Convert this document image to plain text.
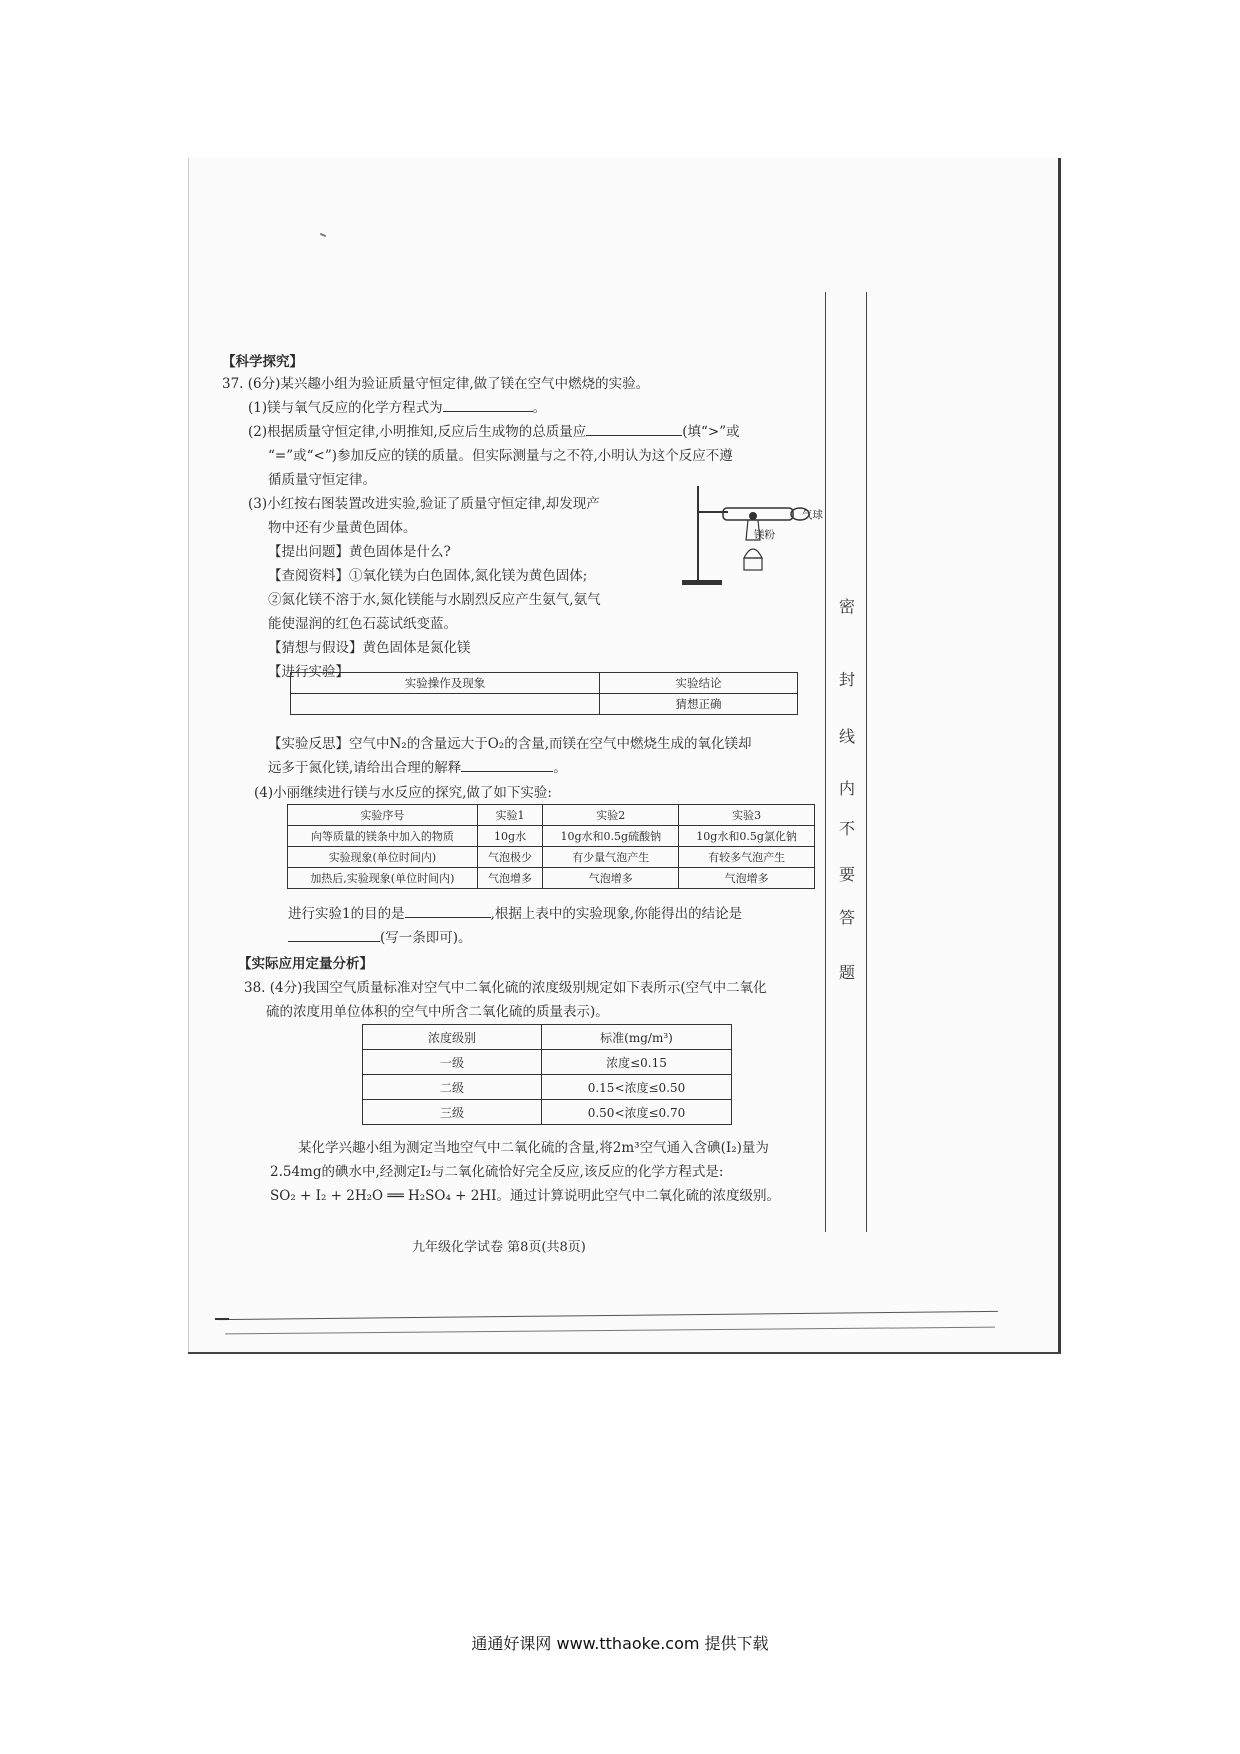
密
封
线
内
不
要
答
题
【科学探究】
37. (6分)某兴趣小组为验证质量守恒定律,做了镁在空气中燃烧的实验。
(1)镁与氧气反应的化学方程式为	。
(2)根据质量守恒定律,小明推知,反应后生成物的总质量应	(填“>”或
“=”或“<”)参加反应的镁的质量。但实际测量与之不符,小明认为这个反应不遵
循质量守恒定律。
(3)小红按右图装置改进实验,验证了质量守恒定律,却发现产
物中还有少量黄色固体。
【提出问题】黄色固体是什么?
【查阅资料】①氧化镁为白色固体,氮化镁为黄色固体;
②氮化镁不溶于水,氮化镁能与水剧烈反应产生氨气,氨气
能使湿润的红色石蕊试纸变蓝。
【猜想与假设】黄色固体是氮化镁
【进行实验】
气球
镁粉
实验操作及现象	实验结论
	猜想正确
【实验反思】空气中N₂的含量远大于O₂的含量,而镁在空气中燃烧生成的氧化镁却
远多于氮化镁,请给出合理的解释	。
(4)小丽继续进行镁与水反应的探究,做了如下实验:
实验序号	实验1	实验2	实验3
向等质量的镁条中加入的物质	10g水	10g水和0.5g硫酸钠	10g水和0.5g氯化钠
实验现象(单位时间内)	气泡极少	有少量气泡产生	有较多气泡产生
加热后,实验现象(单位时间内)	气泡增多	气泡增多	气泡增多
进行实验1的目的是	,根据上表中的实验现象,你能得出的结论是
(写一条即可)。
【实际应用定量分析】
38. (4分)我国空气质量标准对空气中二氧化硫的浓度级别规定如下表所示(空气中二氧化
硫的浓度用单位体积的空气中所含二氧化硫的质量表示)。
浓度级别	标准(mg/m³)
一级	浓度≤0.15
二级	0.15<浓度≤0.50
三级	0.50<浓度≤0.70
某化学兴趣小组为测定当地空气中二氧化硫的含量,将2m³空气通入含碘(I₂)量为
2.54mg的碘水中,经测定I₂与二氧化硫恰好完全反应,该反应的化学方程式是:
SO₂ + I₂ + 2H₂O ══ H₂SO₄ + 2HI。通过计算说明此空气中二氧化硫的浓度级别。
九年级化学试卷 第8页(共8页)
通通好课网 www.tthaoke.com 提供下载
